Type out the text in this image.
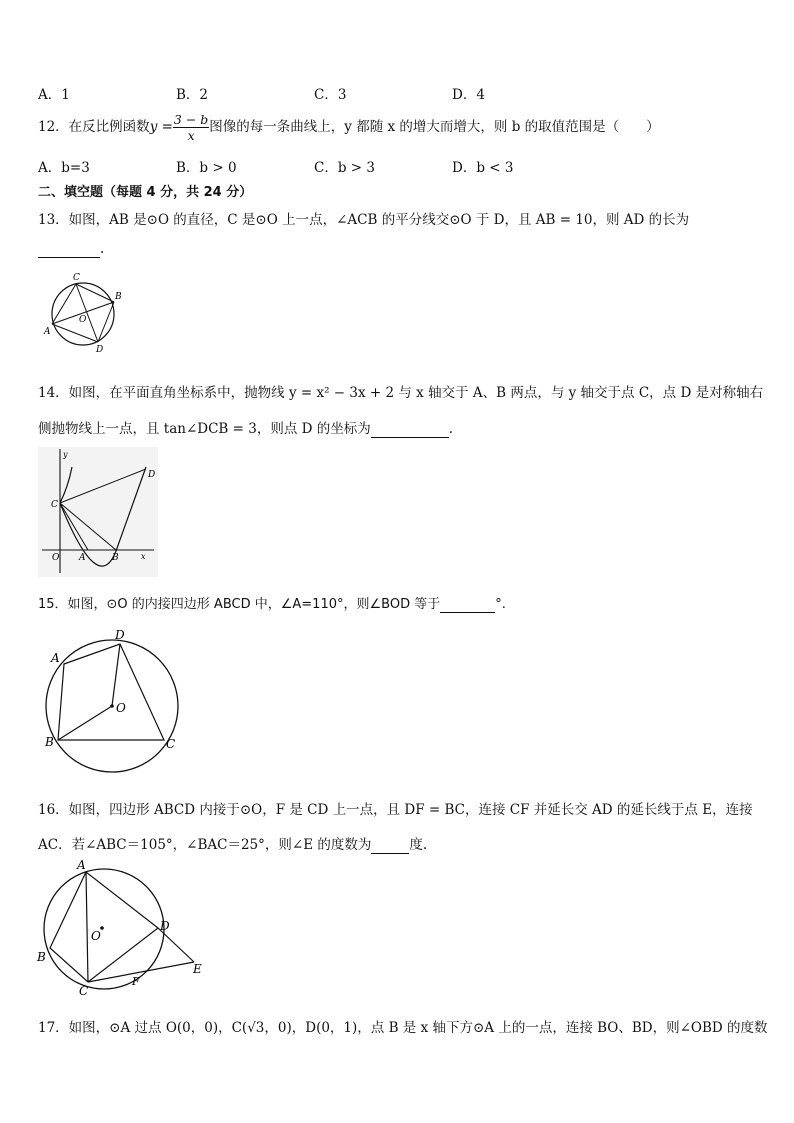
A．1	B．2	C．3	D．4
12．在反比例函数$y = \frac{3 - b}{x}$ 图像的每一条曲线上，y 都随 x 的增大而增大，则 b 的取值范围是（　　）
A．b=3	B．b > 0	C．b > 3	D．b < 3
二、填空题（每题 4 分，共 24 分）
13．如图，AB 是⊙O 的直径，C 是⊙O 上一点，∠ACB 的平分线交⊙O 于 D，且 AB = 10，则 AD 的长为
.
C
B
A
O
D
14．如图，在平面直角坐标系中，抛物线 y = x² − 3x + 2 与 x 轴交于 A、B 两点，与 y 轴交于点 C，点 D 是对称轴右
侧抛物线上一点，且 tan∠DCB = 3，则点 D 的坐标为	.
y
x
C
D
O A	B
15．如图，⊙O 的内接四边形 ABCD 中，∠A=110°，则∠BOD 等于	°.
A
D
O
B	C
16．如图，四边形 ABCD 内接于⊙O，F 是 CD 上一点，且 DF = BC，连接 CF 并延长交 AD 的延长线于点 E，连接
AC．若∠ABC＝105°，∠BAC＝25°，则∠E 的度数为	度.
A
B
C
D
E
F
O
17．如图，⊙A 过点 O(0，0)，C(√3，0)，D(0，1)，点 B 是 x 轴下方⊙A 上的一点，连接 BO、BD，则∠OBD 的度数
